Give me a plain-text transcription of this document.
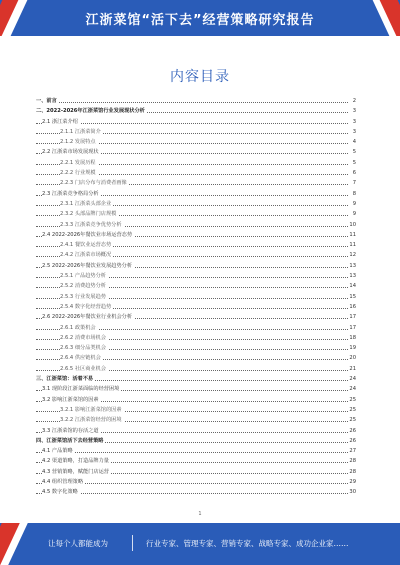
江浙菜馆“活下去”经营策略研究报告
内容目录
一、前言	2
二、2022-2026年江浙菜馆行业发展现状分析	3
2.1 浙江菜介绍	3
2.1.1 江浙菜简介	3
2.1.2 发展特点	4
2.2 江浙菜市场发展现状	5
2.2.1 发展历程	5
2.2.2 行业规模	6
2.2.3 门店分布与消费者画像	7
2.3 江浙菜竞争格局分析	8
2.3.1 江浙菜头部企业	9
2.3.2 头部品牌门店规模	9
2.3.3 江浙菜竞争优势分析	10
2.4 2022-2026年餐饮业市场运营态势	11
2.4.1 餐饮业运营态势	11
2.4.2 江浙菜市场概况	12
2.5 2022-2026年餐饮业发展趋势分析	13
2.5.1 产品趋势分析	13
2.5.2 消费趋势分析	14
2.5.3 行业发展趋势	15
2.5.4 数字化经营趋势	16
2.6 2022-2026年餐饮业行业机会分析	17
2.6.1 政策机会	17
2.6.2 消费市场机会	18
2.6.3 细分品类机会	19
2.6.4 供应链机会	20
2.6.5 社区商业机会	21
三、江浙菜馆：活着不易	24
3.1 现阶段江浙菜面临的经营困境	24
3.2 影响江浙菜馆的因素	25
3.2.1 影响江浙菜馆的因素	25
3.2.2 江浙菜馆经营的困境	25
3.3 江浙菜馆的存活之道	26
四、江浙菜馆活下去经营策略	26
4.1 产品策略	27
4.2 渠道策略，打造品牌力量	28
4.3 营销策略，赋能门店运营	28
4.4 组织管理策略	29
4.5 数字化策略	30
1
让每个人都能成为	行业专家、管理专家、营销专家、战略专家、成功企业家……
